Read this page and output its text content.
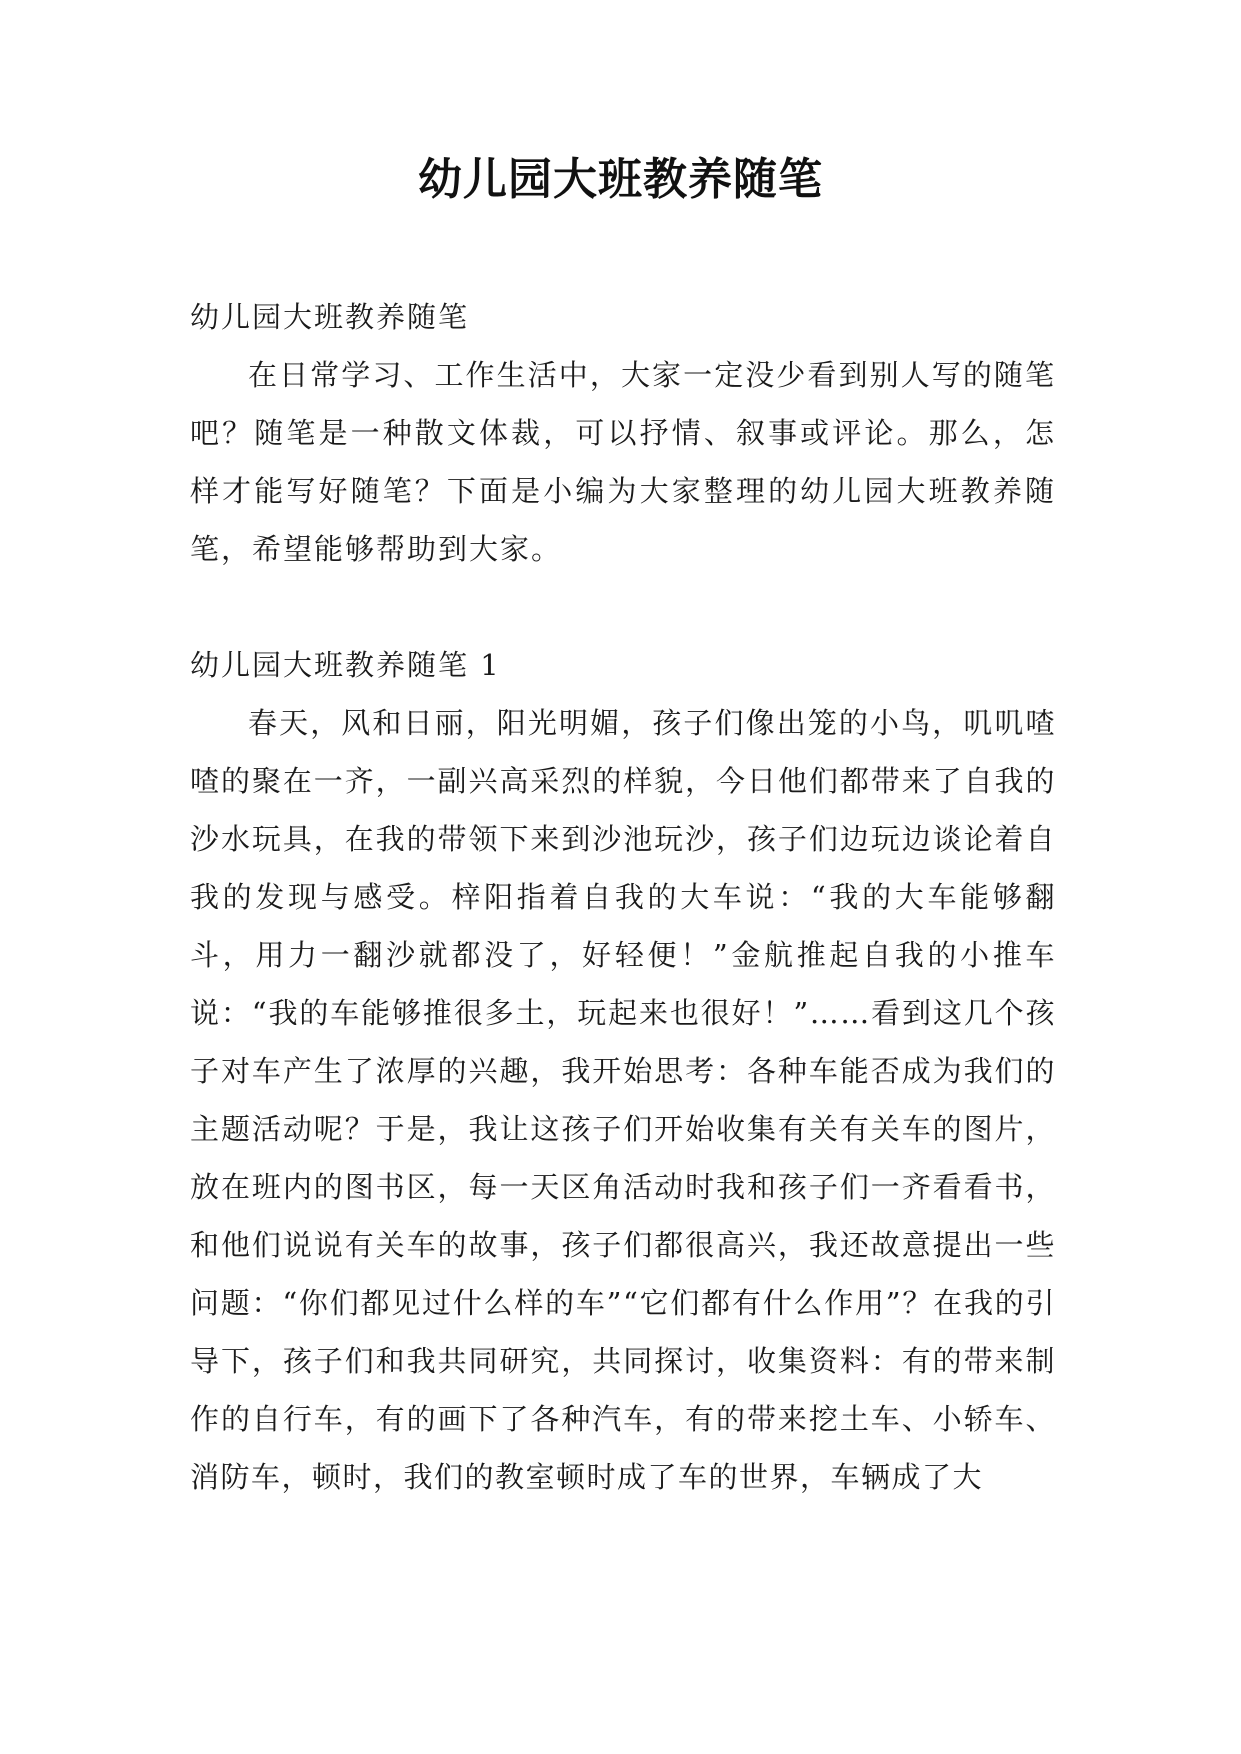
幼儿园大班教养随笔

幼儿园大班教养随笔

在日常学习、工作生活中，大家一定没少看到别人写的随笔吧？随笔是一种散文体裁，可以抒情、叙事或评论。那么，怎样才能写好随笔？下面是小编为大家整理的幼儿园大班教养随笔，希望能够帮助到大家。

幼儿园大班教养随笔 1

春天，风和日丽，阳光明媚，孩子们像出笼的小鸟，叽叽喳喳的聚在一齐，一副兴高采烈的样貌，今日他们都带来了自我的沙水玩具，在我的带领下来到沙池玩沙，孩子们边玩边谈论着自我的发现与感受。梓阳指着自我的大车说：“我的大车能够翻斗，用力一翻沙就都没了，好轻便！”金航推起自我的小推车说：“我的车能够推很多土，玩起来也很好！”……看到这几个孩子对车产生了浓厚的兴趣，我开始思考：各种车能否成为我们的主题活动呢？于是，我让这孩子们开始收集有关有关车的图片，放在班内的图书区，每一天区角活动时我和孩子们一齐看看书，和他们说说有关车的故事，孩子们都很高兴，我还故意提出一些问题：“你们都见过什么样的车”“它们都有什么作用”？在我的引导下，孩子们和我共同研究，共同探讨，收集资料：有的带来制作的自行车，有的画下了各种汽车，有的带来挖土车、小轿车、消防车，顿时，我们的教室顿时成了车的世界，车辆成了大
